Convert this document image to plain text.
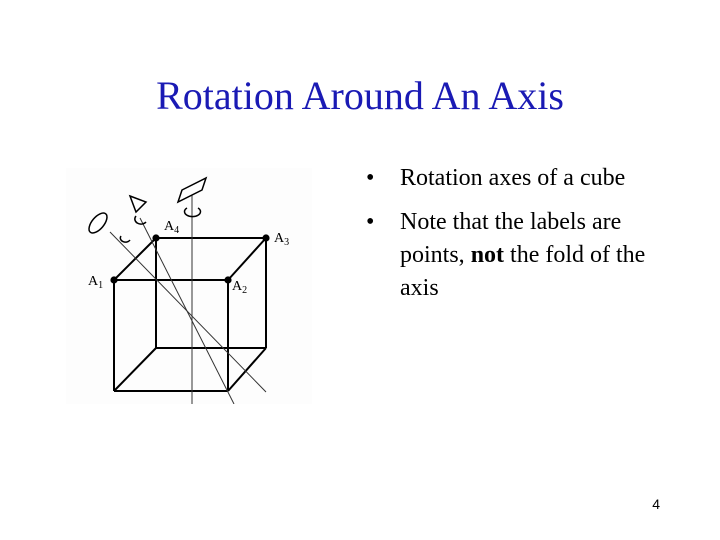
Rotation Around An Axis
$A_1$	$A_2$
$A_3$
$A_4$
• Rotation axes of a cube
• Note that the labels are points, not the fold of the axis
4
